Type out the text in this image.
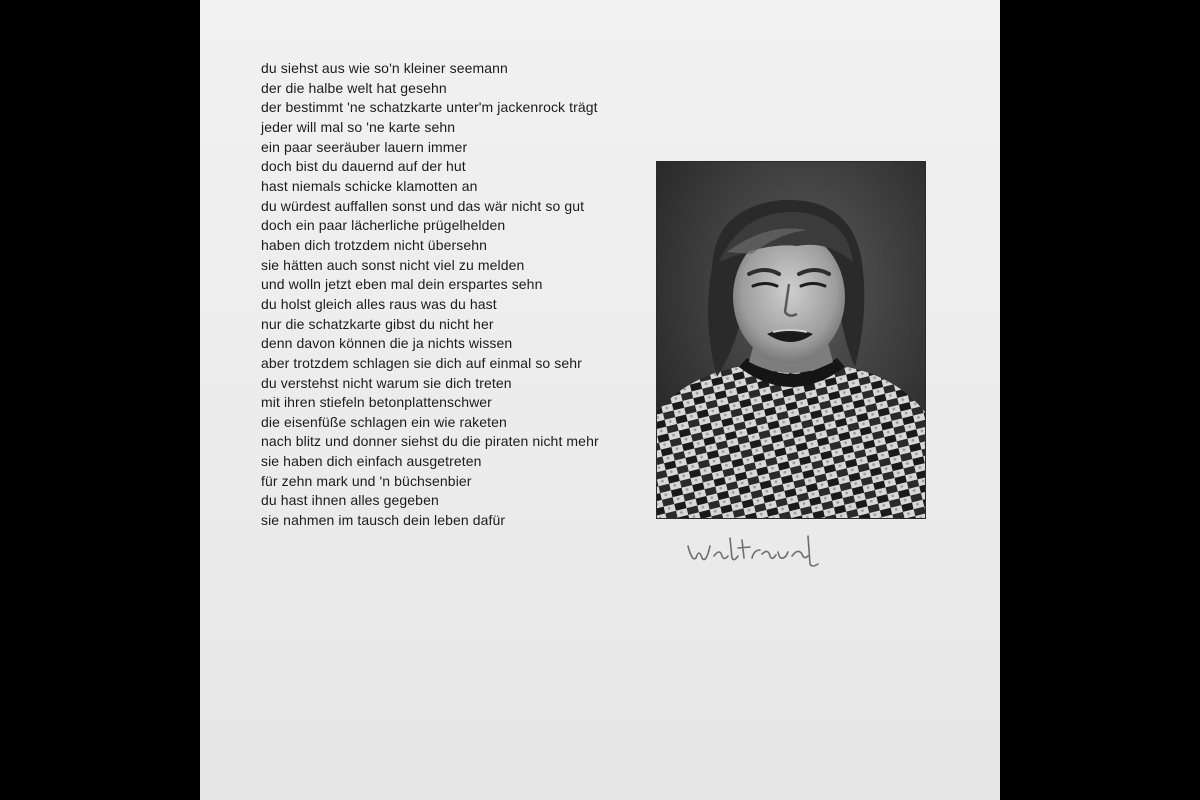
du siehst aus wie so'n kleiner seemann
der die halbe welt hat gesehn
der bestimmt 'ne schatzkarte unter'm jackenrock trägt
jeder will mal so 'ne karte sehn
ein paar seeräuber lauern immer
doch bist du dauernd auf der hut
hast niemals schicke klamotten an
du würdest auffallen sonst und das wär nicht so gut
doch ein paar lächerliche prügelhelden
haben dich trotzdem nicht übersehn
sie hätten auch sonst nicht viel zu melden
und wolln jetzt eben mal dein erspartes sehn
du holst gleich alles raus was du hast
nur die schatzkarte gibst du nicht her
denn davon können die ja nichts wissen
aber trotzdem schlagen sie dich auf einmal so sehr
du verstehst nicht warum sie dich treten
mit ihren stiefeln betonplattenschwer
die eisenfüße schlagen ein wie raketen
nach blitz und donner siehst du die piraten nicht mehr
sie haben dich einfach ausgetreten
für zehn mark und 'n büchsenbier
du hast ihnen alles gegeben
sie nahmen im tausch dein leben dafür
